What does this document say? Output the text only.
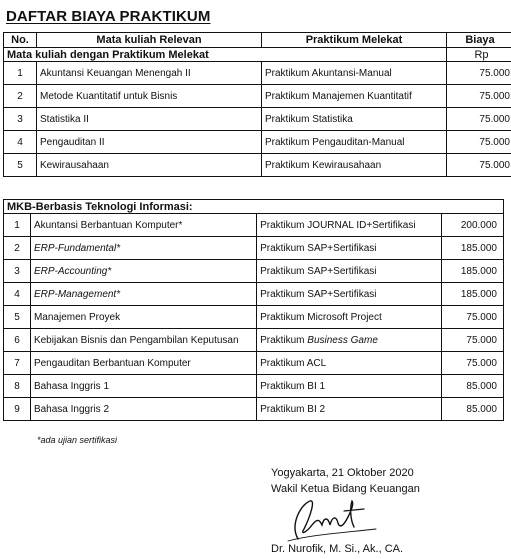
DAFTAR BIAYA PRAKTIKUM
No.	Mata kuliah Relevan	Praktikum Melekat	Biaya
Mata kuliah dengan Praktikum Melekat			Rp
1	Akuntansi Keuangan Menengah II	Praktikum Akuntansi-Manual	75.000
2	Metode Kuantitatif untuk Bisnis	Praktikum Manajemen Kuantitatif	75.000
3	Statistika II	Praktikum Statistika	75.000
4	Pengauditan II	Praktikum Pengauditan-Manual	75.000
5	Kewirausahaan	Praktikum Kewirausahaan	75.000
MKB-Berbasis Teknologi Informasi:			
1	Akuntansi Berbantuan Komputer*	Praktikum JOURNAL ID+Sertifikasi	200.000
2	ERP-Fundamental*	Praktikum SAP+Sertifikasi	185.000
3	ERP-Accounting*	Praktikum SAP+Sertifikasi	185.000
4	ERP-Management*	Praktikum SAP+Sertifikasi	185.000
5	Manajemen Proyek	Praktikum Microsoft Project	75.000
6	Kebijakan Bisnis dan Pengambilan Keputusan	Praktikum Business Game	75.000
7	Pengauditan Berbantuan Komputer	Praktikum ACL	75.000
8	Bahasa Inggris 1	Praktikum BI 1	85.000
9	Bahasa Inggris 2	Praktikum BI 2	85.000
*ada ujian sertifikasi
Yogyakarta, 21 Oktober 2020
Wakil Ketua Bidang Keuangan
Dr. Nurofik, M. Si., Ak., CA.
